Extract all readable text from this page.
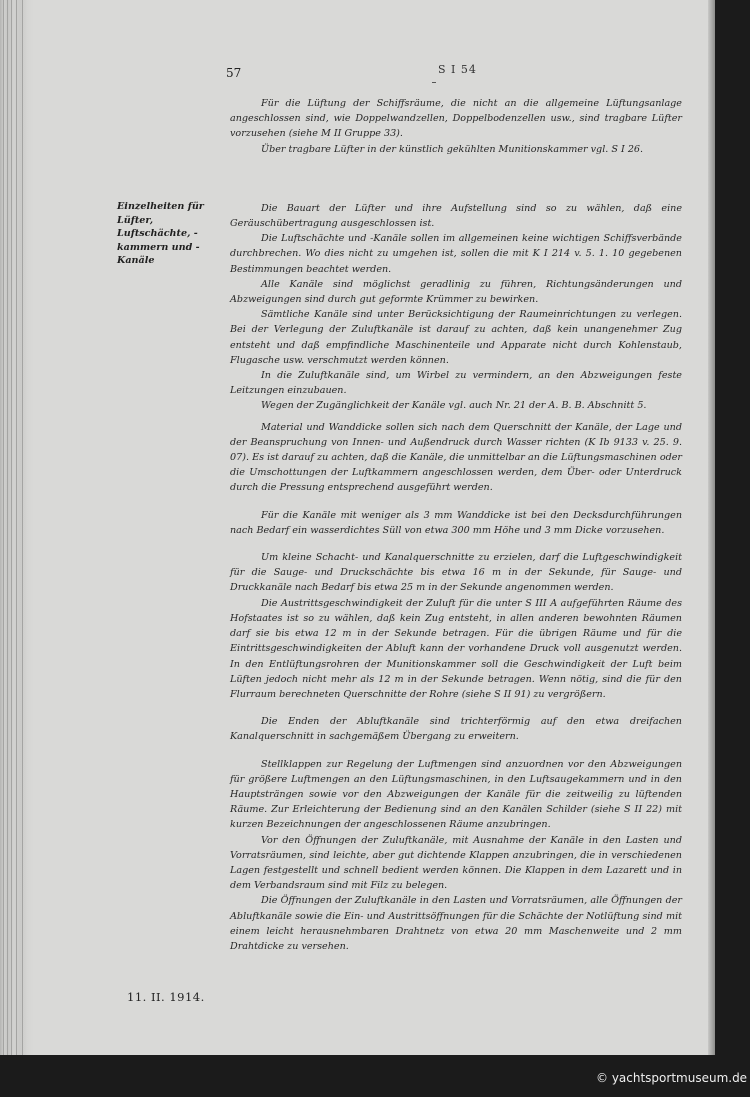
57	S I 54
Einzelheiten für Lüfter, Luftschächte, -kammern und -Kanäle

Für die Lüftung der Schiffsräume, die nicht an die allgemeine Lüftungsanlage angeschlossen sind, wie Doppelwandzellen, Doppelbodenzellen usw., sind tragbare Lüfter vorzusehen (siehe M II Gruppe 33).

Über tragbare Lüfter in der künstlich gekühlten Munitionskammer vgl. S I 26.

Die Bauart der Lüfter und ihre Aufstellung sind so zu wählen, daß eine Geräuschübertragung ausgeschlossen ist.

Die Luftschächte und -Kanäle sollen im allgemeinen keine wichtigen Schiffsverbände durchbrechen. Wo dies nicht zu umgehen ist, sollen die mit K I 214 v. 5. 1. 10 gegebenen Bestimmungen beachtet werden.

Alle Kanäle sind möglichst geradlinig zu führen, Richtungsänderungen und Abzweigungen sind durch gut geformte Krümmer zu bewirken.

Sämtliche Kanäle sind unter Berücksichtigung der Raumeinrichtungen zu verlegen. Bei der Verlegung der Zuluftkanäle ist darauf zu achten, daß kein unangenehmer Zug entsteht und daß empfindliche Maschinenteile und Apparate nicht durch Kohlenstaub, Flugasche usw. verschmutzt werden können.

In die Zuluftkanäle sind, um Wirbel zu vermindern, an den Abzweigungen feste Leitzungen einzubauen.

Wegen der Zugänglichkeit der Kanäle vgl. auch Nr. 21 der A. B. B. Abschnitt 5.

Material und Wanddicke sollen sich nach dem Querschnitt der Kanäle, der Lage und der Beanspruchung von Innen- und Außendruck durch Wasser richten (K Ib 9133 v. 25. 9. 07). Es ist darauf zu achten, daß die Kanäle, die unmittelbar an die Lüftungsmaschinen oder die Umschottungen der Luftkammern angeschlossen werden, dem Über- oder Unterdruck durch die Pressung entsprechend ausgeführt werden.

Für die Kanäle mit weniger als 3 mm Wanddicke ist bei den Decksdurchführungen nach Bedarf ein wasserdichtes Süll von etwa 300 mm Höhe und 3 mm Dicke vorzusehen.

Um kleine Schacht- und Kanalquerschnitte zu erzielen, darf die Luftgeschwindigkeit für die Sauge- und Druckschächte bis etwa 16 m in der Sekunde, für Sauge- und Druckkanäle nach Bedarf bis etwa 25 m in der Sekunde angenommen werden.

Die Austrittsgeschwindigkeit der Zuluft für die unter S III A aufgeführten Räume des Hofstaates ist so zu wählen, daß kein Zug entsteht, in allen anderen bewohnten Räumen darf sie bis etwa 12 m in der Sekunde betragen. Für die übrigen Räume und für die Eintrittsgeschwindigkeiten der Abluft kann der vorhandene Druck voll ausgenutzt werden. In den Entlüftungsrohren der Munitionskammer soll die Geschwindigkeit der Luft beim Lüften jedoch nicht mehr als 12 m in der Sekunde betragen. Wenn nötig, sind die für den Flurraum berechneten Querschnitte der Rohre (siehe S II 91) zu vergrößern.

Die Enden der Abluftkanäle sind trichterförmig auf den etwa dreifachen Kanalquerschnitt in sachgemäßem Übergang zu erweitern.

Stellklappen zur Regelung der Luftmengen sind anzuordnen vor den Abzweigungen für größere Luftmengen an den Lüftungsmaschinen, in den Luftsaugekammern und in den Hauptsträngen sowie vor den Abzweigungen der Kanäle für die zeitweilig zu lüftenden Räume. Zur Erleichterung der Bedienung sind an den Kanälen Schilder (siehe S II 22) mit kurzen Bezeichnungen der angeschlossenen Räume anzubringen.

Vor den Öffnungen der Zuluftkanäle, mit Ausnahme der Kanäle in den Lasten und Vorratsräumen, sind leichte, aber gut dichtende Klappen anzubringen, die in verschiedenen Lagen festgestellt und schnell bedient werden können. Die Klappen in dem Lazarett und in dem Verbandsraum sind mit Filz zu belegen.

Die Öffnungen der Zuluftkanäle in den Lasten und Vorratsräumen, alle Öffnungen der Abluftkanäle sowie die Ein- und Austrittsöffnungen für die Schächte der Notlüftung sind mit einem leicht herausnehmbaren Drahtnetz von etwa 20 mm Maschenweite und 2 mm Drahtdicke zu versehen.

11. II. 1914.
© yachtsportmuseum.de
